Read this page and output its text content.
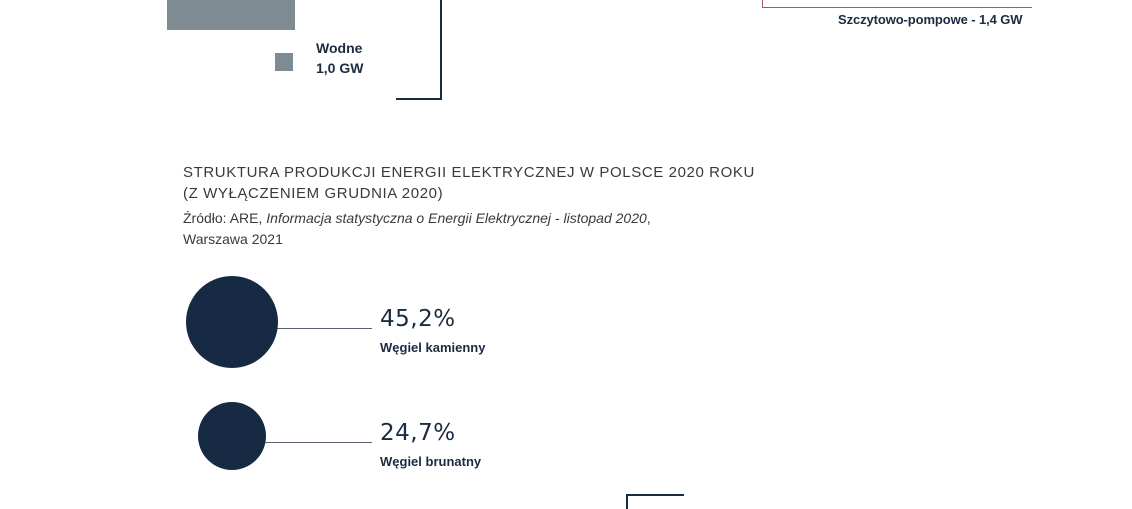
Wodne
1,0 GW
Szczytowo-pompowe - 1,4 GW
STRUKTURA PRODUKCJI ENERGII ELEKTRYCZNEJ W POLSCE 2020 ROKU
(Z WYŁĄCZENIEM GRUDNIA 2020)
Źródło: ARE, Informacja statystyczna o Energii Elektrycznej - listopad 2020,
Warszawa 2021
45,2%
Węgiel kamienny
24,7%
Węgiel brunatny
